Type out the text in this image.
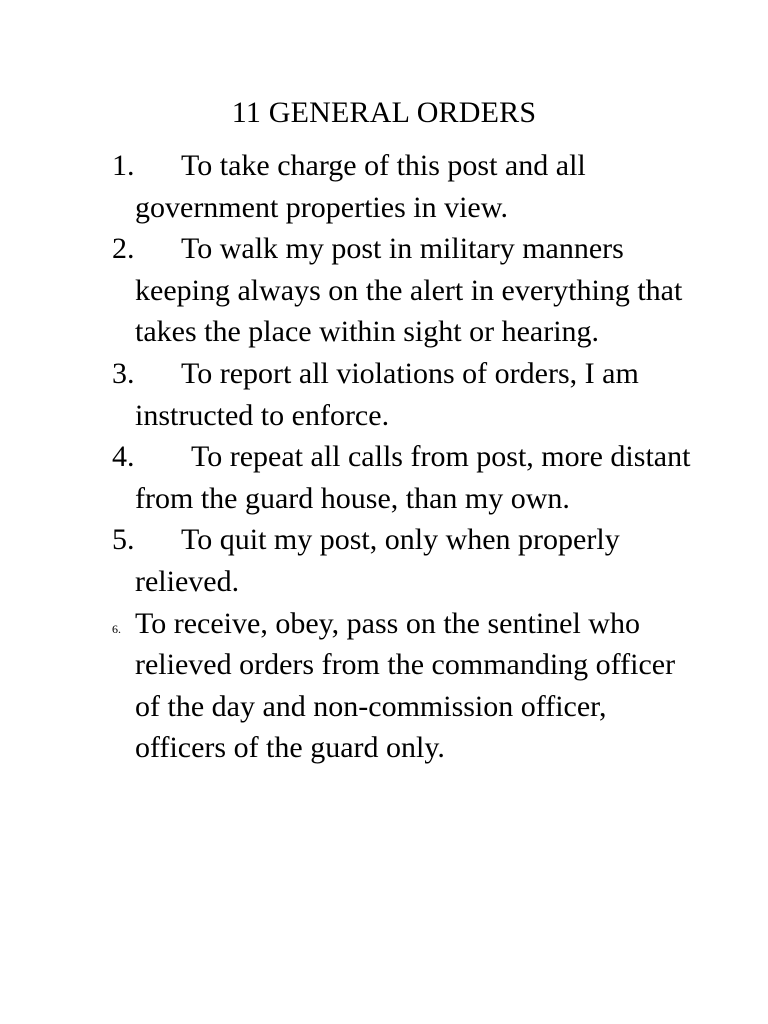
11 GENERAL ORDERS
1.	To take charge of this post and all government properties in view.
2.	To walk my post in military manners keeping always on the alert in everything that takes the place within sight or hearing.
3.	To report all violations of orders, I am instructed to enforce.
4.	To repeat all calls from post, more distant from the guard house, than my own.
5.	To quit my post, only when properly relieved.
6. To receive, obey, pass on the sentinel who relieved orders from the commanding officer of the day and non-commission officer, officers of the guard only.
